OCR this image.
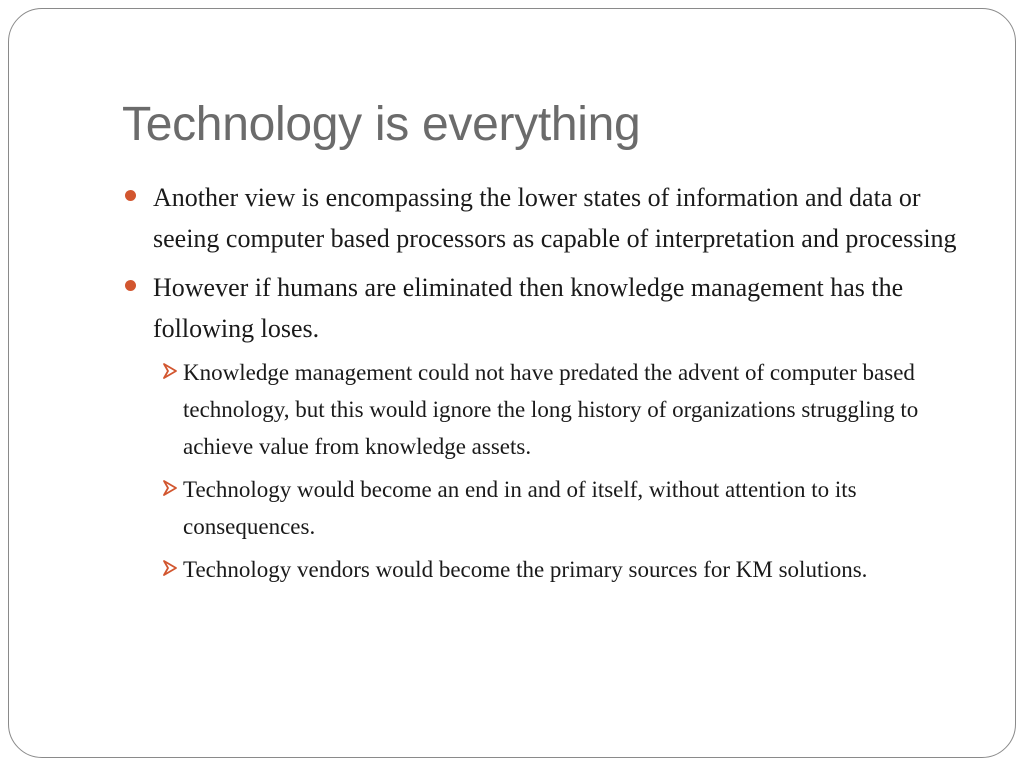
Technology is everything
Another view is encompassing the lower states of information and data or seeing computer based processors as capable of interpretation and processing
However if humans are eliminated then knowledge management has the following loses.
Knowledge management could not have predated the advent of computer based technology, but this would ignore the long history of organizations struggling to achieve value from knowledge assets.
Technology would become an end in and of itself, without attention to its consequences.
Technology vendors would become the primary sources for KM solutions.
